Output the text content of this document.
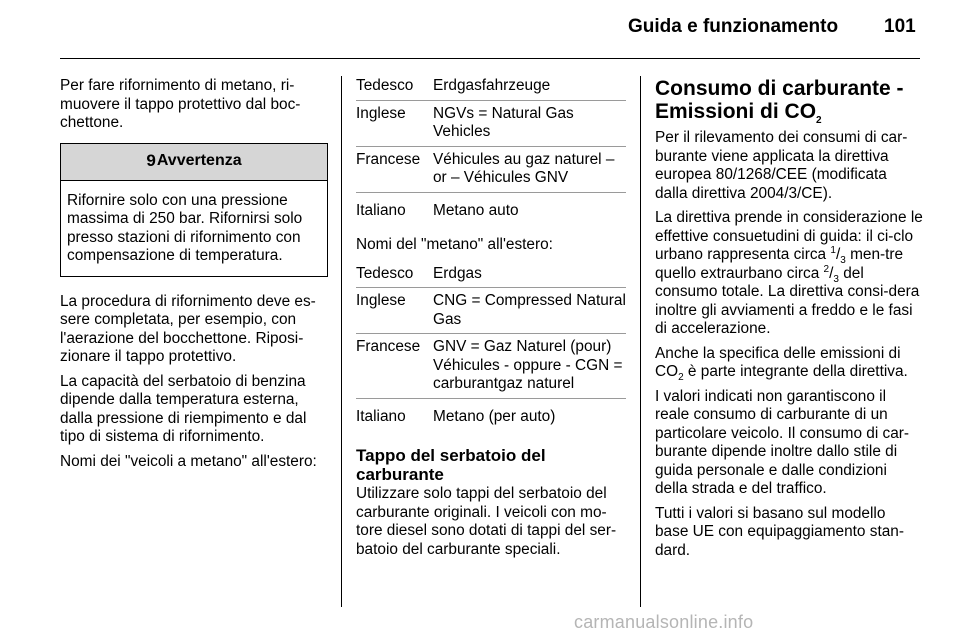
Guida e funzionamento 101

Per fare rifornimento di metano, ri-muovere il tappo protettivo dal boc-chettone.

9 Avvertenza
Rifornire solo con una pressione massima di 250 bar. Rifornirsi solo presso stazioni di rifornimento con compensazione di temperatura.

La procedura di rifornimento deve es-sere completata, per esempio, con l'aerazione del bocchettone. Riposi-zionare il tappo protettivo.

La capacità del serbatoio di benzina dipende dalla temperatura esterna, dalla pressione di riempimento e dal tipo di sistema di rifornimento.

Nomi dei "veicoli a metano" all'estero:

Tedesco	Erdgasfahrzeuge
Inglese	NGVs = Natural Gas Vehicles
Francese Véhicules au gaz naturel – or – Véhicules GNV
Italiano	Metano auto

Nomi del "metano" all'estero:

Tedesco	Erdgas
Inglese	CNG = Compressed Natural Gas
Francese GNV = Gaz Naturel (pour) Véhicules - oppure - CGN = carburantgaz naturel
Italiano	Metano (per auto)
Tappo del serbatoio del carburante

Utilizzare solo tappi del serbatoio del carburante originali. I veicoli con mo-tore diesel sono dotati di tappi del ser-batoio del carburante speciali.

Consumo di carburante - Emissioni di $CO_2$

Per il rilevamento dei consumi di car-burante viene applicata la direttiva europea 80/1268/CEE (modificata dalla direttiva 2004/3/CE).

La direttiva prende in considerazione le effettive consuetudini di guida: il ci-clo urbano rappresenta circa $^1/_3$ men-tre quello extraurbano circa $^2/_3$ del consumo totale. La direttiva consi-dera inoltre gli avviamenti a freddo e le fasi di accelerazione.

Anche la specifica delle emissioni di $CO_2$ è parte integrante della direttiva.

I valori indicati non garantiscono il reale consumo di carburante di un particolare veicolo. Il consumo di car-burante dipende inoltre dallo stile di guida personale e dalle condizioni della strada e del traffico.

Tutti i valori si basano sul modello base UE con equipaggiamento stan-dard.

carmanualsonline.info
